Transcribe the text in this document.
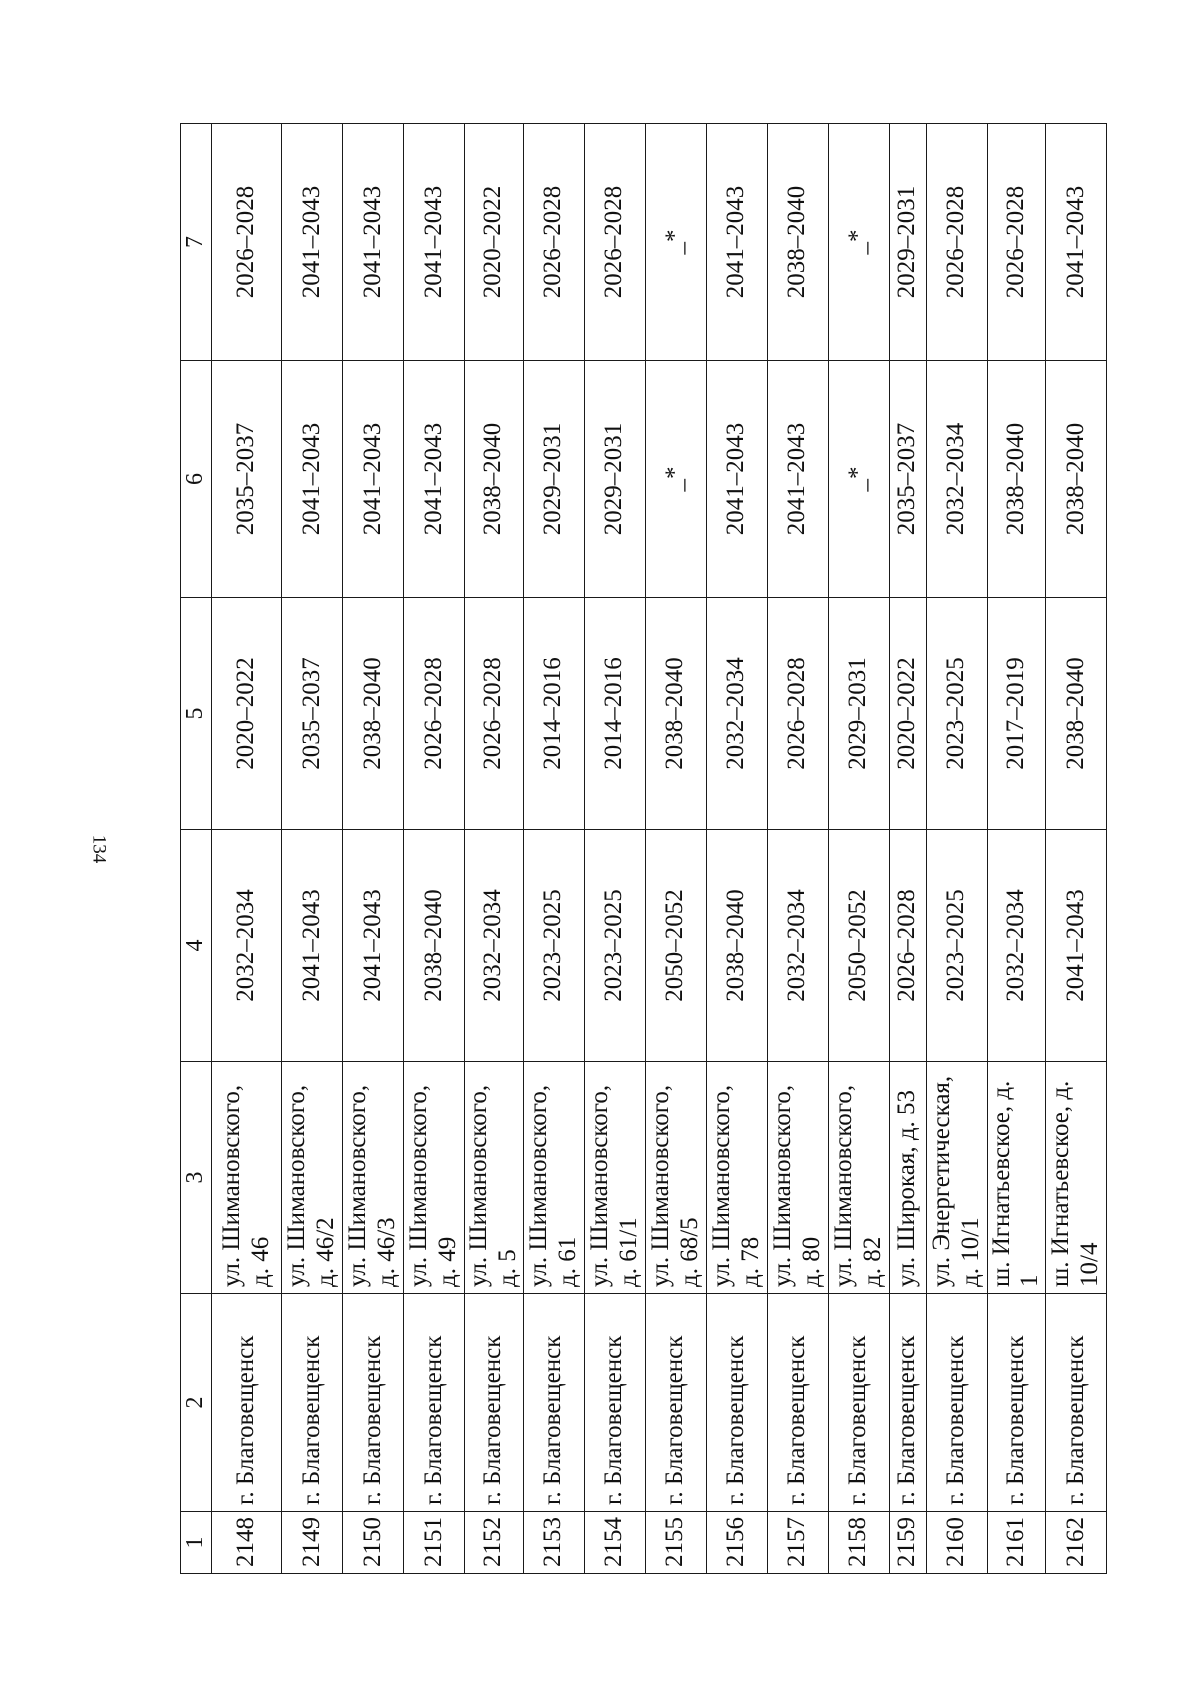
134
1	2	3	4	5	6	7
2148	г. Благовещенск	ул. Шимановского, д. 46	2032–2034	2020–2022	2035–2037	2026–2028
2149	г. Благовещенск	ул. Шимановского, д. 46/2	2041–2043	2035–2037	2041–2043	2041–2043
2150	г. Благовещенск	ул. Шимановского, д. 46/3	2041–2043	2038–2040	2041–2043	2041–2043
2151	г. Благовещенск	ул. Шимановского, д. 49	2038–2040	2026–2028	2041–2043	2041–2043
2152	г. Благовещенск	ул. Шимановского, д. 5	2032–2034	2026–2028	2038–2040	2020–2022
2153	г. Благовещенск	ул. Шимановского, д. 61	2023–2025	2014–2016	2029–2031	2026–2028
2154	г. Благовещенск	ул. Шимановского, д. 61/1	2023–2025	2014–2016	2029–2031	2026–2028
2155	г. Благовещенск	ул. Шимановского, д. 68/5	2050–2052	2038–2040	_*	_*
2156	г. Благовещенск	ул. Шимановского, д. 78	2038–2040	2032–2034	2041–2043	2041–2043
2157	г. Благовещенск	ул. Шимановского, д. 80	2032–2034	2026–2028	2041–2043	2038–2040
2158	г. Благовещенск	ул. Шимановского, д. 82	2050–2052	2029–2031	_*	_*
2159	г. Благовещенск	ул. Широкая, д. 53	2026–2028	2020–2022	2035–2037	2029–2031
2160	г. Благовещенск	ул. Энергетическая, д. 10/1	2023–2025	2023–2025	2032–2034	2026–2028
2161	г. Благовещенск	ш. Игнатьевское, д. 1	2032–2034	2017–2019	2038–2040	2026–2028
2162	г. Благовещенск	ш. Игнатьевское, д. 10/4	2041–2043	2038–2040	2038–2040	2041–2043
